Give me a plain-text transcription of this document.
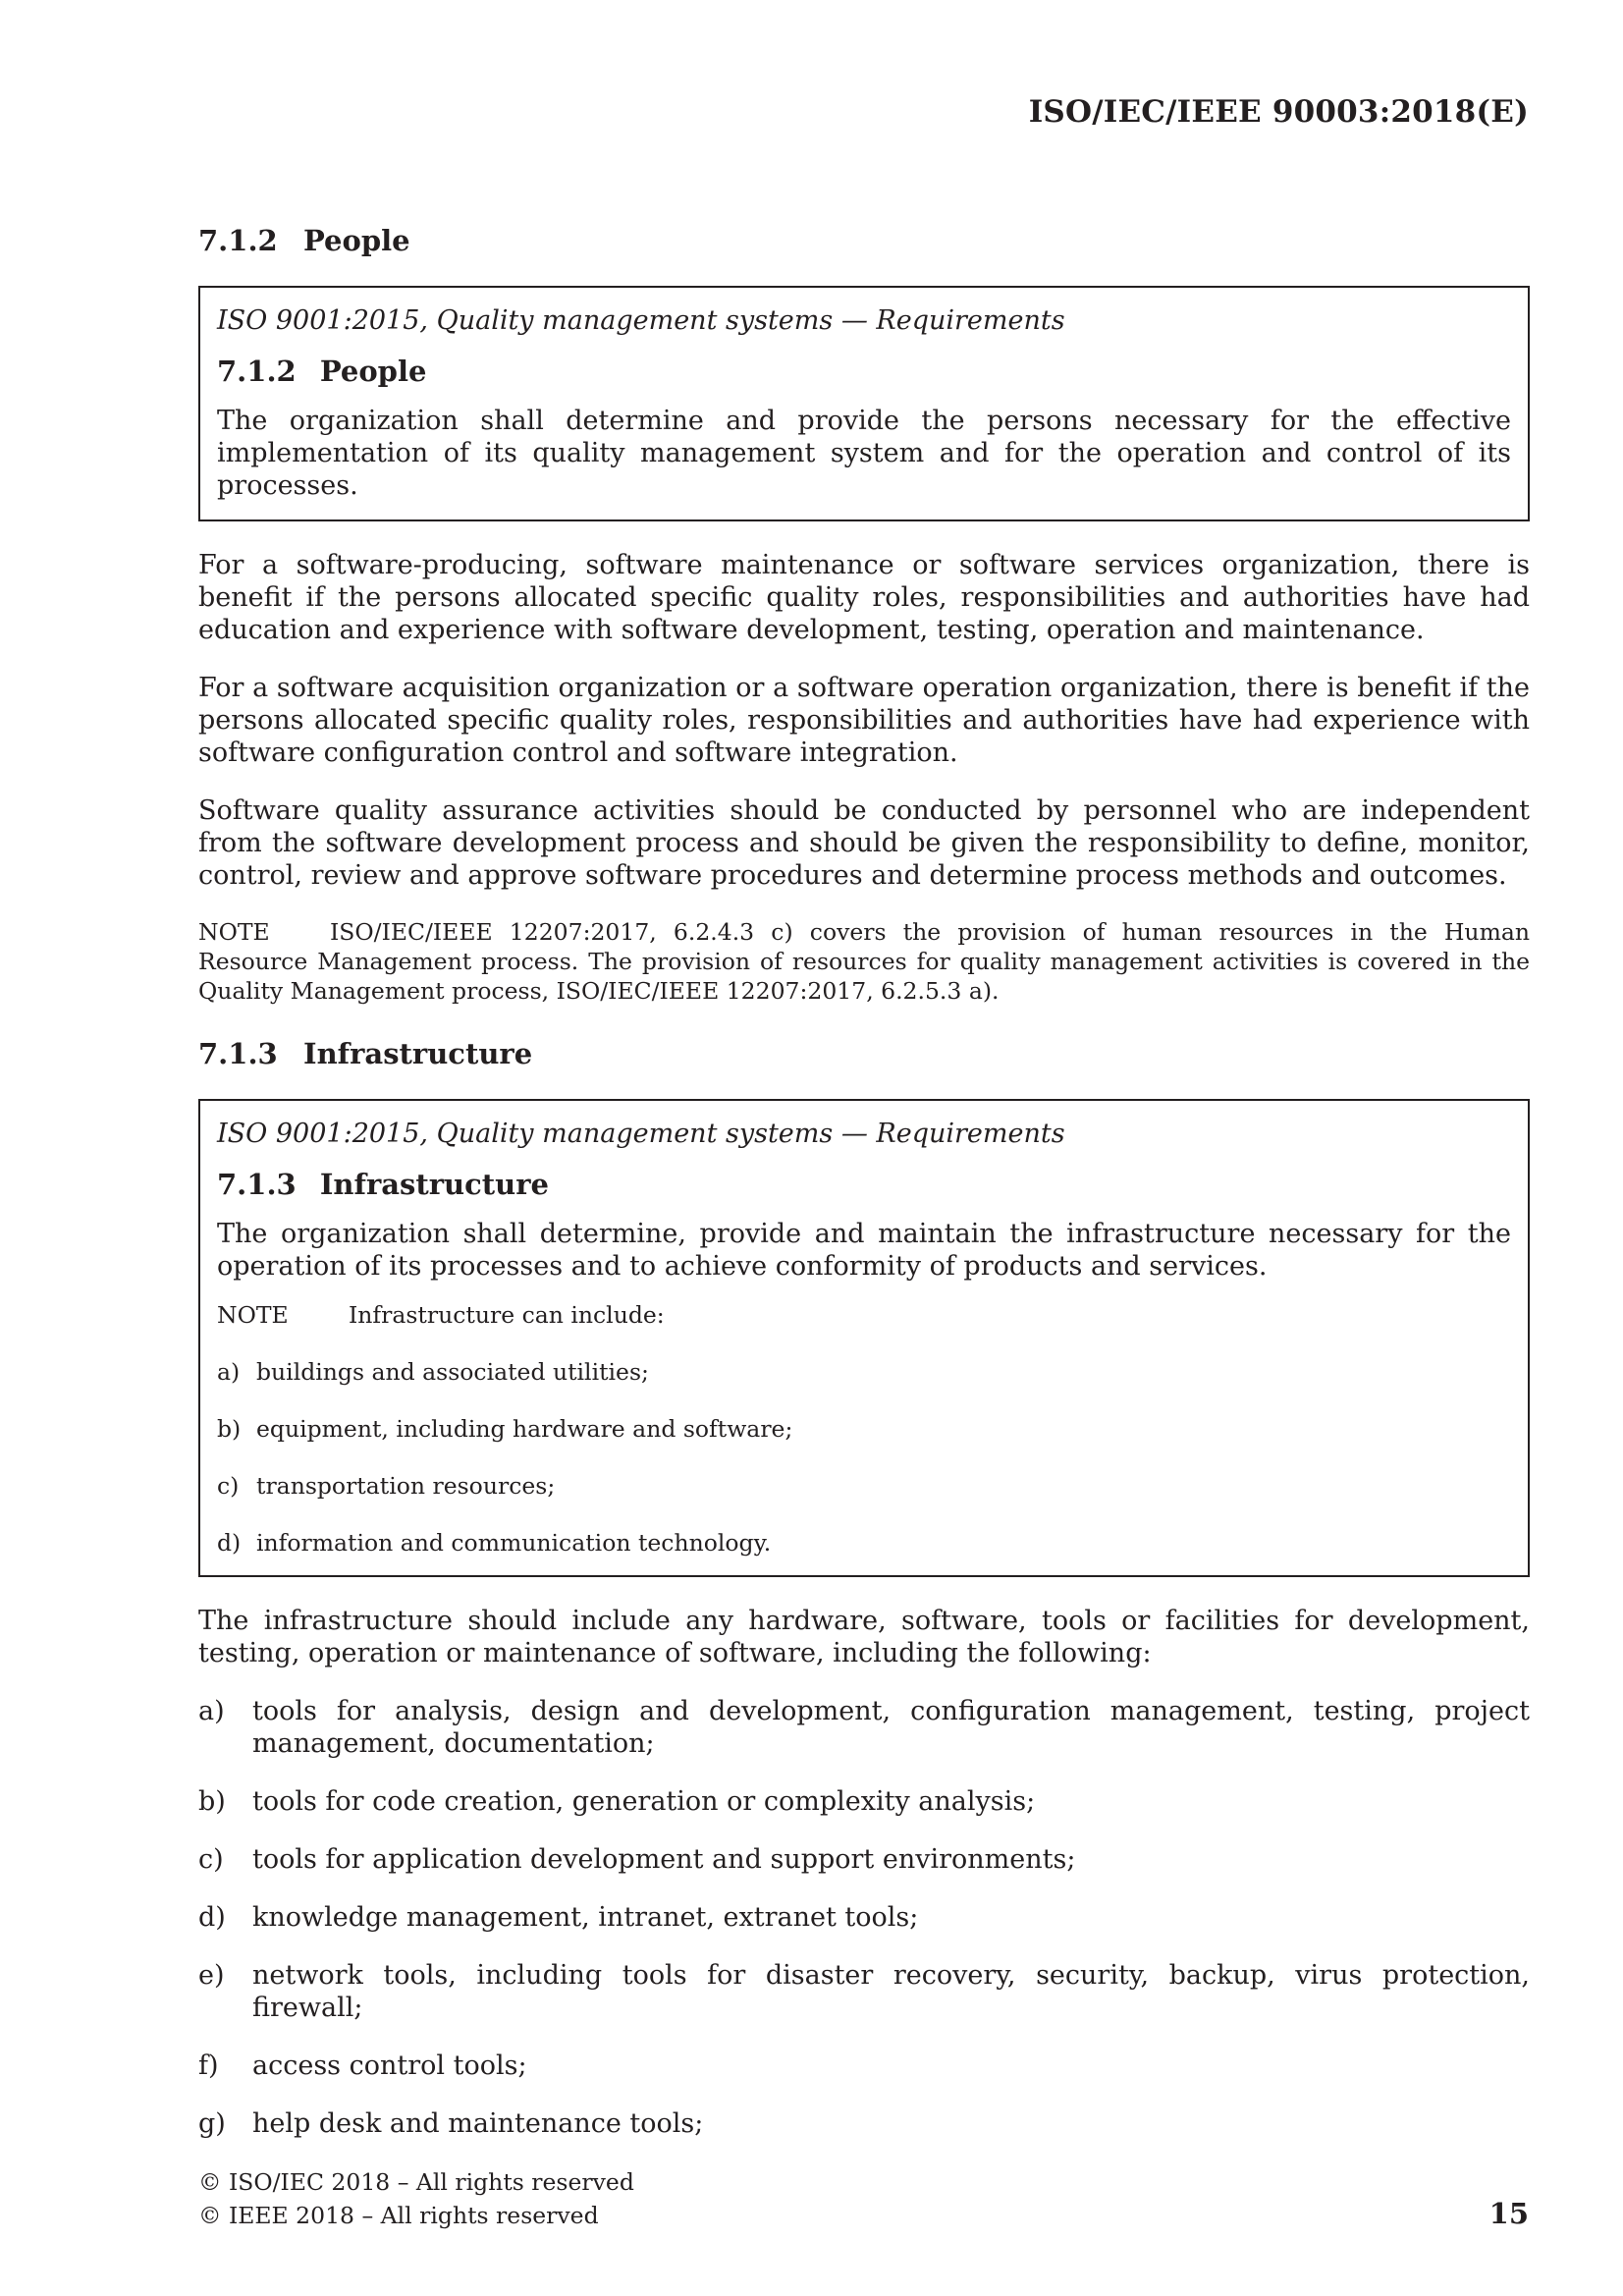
ISO/IEC/IEEE 90003:2018(E)
7.1.2 People
ISO 9001:2015, Quality management systems — Requirements
7.1.2 People

The organization shall determine and provide the persons necessary for the effective implementation of its quality management system and for the operation and control of its processes.

For a software-producing, software maintenance or software services organization, there is benefit if the persons allocated specific quality roles, responsibilities and authorities have had education and experience with software development, testing, operation and maintenance.

For a software acquisition organization or a software operation organization, there is benefit if the persons allocated specific quality roles, responsibilities and authorities have had experience with software configuration control and software integration.

Software quality assurance activities should be conducted by personnel who are independent from the software development process and should be given the responsibility to define, monitor, control, review and approve software procedures and determine process methods and outcomes.

NOTE	ISO/IEC/IEEE 12207:2017, 6.2.4.3 c) covers the provision of human resources in the Human Resource Management process. The provision of resources for quality management activities is covered in the Quality Management process, ISO/IEC/IEEE 12207:2017, 6.2.5.3 a).

7.1.3 Infrastructure
ISO 9001:2015, Quality management systems — Requirements
7.1.3 Infrastructure

The organization shall determine, provide and maintain the infrastructure necessary for the operation of its processes and to achieve conformity of products and services.

NOTE	Infrastructure can include:
a) buildings and associated utilities;
b) equipment, including hardware and software;
c) transportation resources;
d) information and communication technology.

The infrastructure should include any hardware, software, tools or facilities for development, testing, operation or maintenance of software, including the following:

a)	tools for analysis, design and development, configuration management, testing, project management, documentation;
b)	tools for code creation, generation or complexity analysis;
c)	tools for application development and support environments;
d)	knowledge management, intranet, extranet tools;
e)	network tools, including tools for disaster recovery, security, backup, virus protection, firewall;
f)	access control tools;
g)	help desk and maintenance tools;
© ISO/IEC 2018 – All rights reserved
© IEEE 2018 – All rights reserved	15
